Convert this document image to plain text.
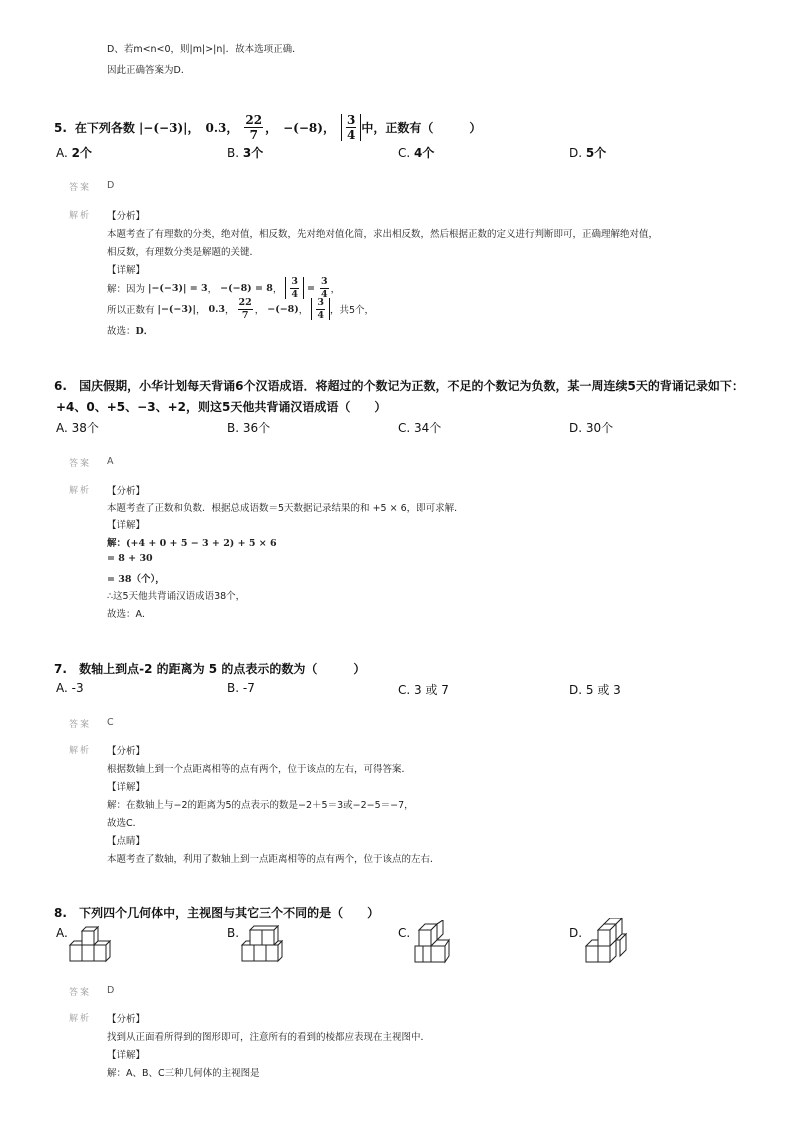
D、若m<n<0，则|m|>|n|．故本选项正确．
因此正确答案为D．
5. 在下列各数 |−(−3)| ， 0.3 ， $\frac{22}{7}$ ， −(−8) ， $\frac{3}{4}$ 中，正数有（　　　）
A. 2个	B. 3个	C. 4个	D. 5个
答案 D
解析 【分析】
本题考查了有理数的分类，绝对值，相反数，先对绝对值化简，求出相反数，然后根据正数的定义进行判断即可，正确理解绝对值，
相反数，有理数分类是解题的关键．
【详解】
解：因为 |−(−3)| = 3 ， −(−8) = 8 ， $\frac{3}{4} = \frac{3}{4}$ ，
所以正数有 |−(−3)| ， 0.3 ， $\frac{22}{7}$ ， −(−8) ， $\frac{3}{4}$ ，共5个，
故选：D．
6. 国庆假期，小华计划每天背诵6个汉语成语．将超过的个数记为正数，不足的个数记为负数，某一周连续5天的背诵记录如下：
+4、0、+5、−3、+2，则这5天他共背诵汉语成语（　　）
A. 38个	B. 36个	C. 34个	D. 30个
答案 A
解析 【分析】
本题考查了正数和负数．根据总成语数＝5天数据记录结果的和 +5 × 6，即可求解．
【详解】
解：(+4 + 0 + 5 − 3 + 2) + 5 × 6
= 8 + 30
= 38（个），
∴这5天他共背诵汉语成语38个，
故选：A．
7. 数轴上到点-2 的距离为 5 的点表示的数为（　　　）
A. -3	B. -7	C. 3 或 7	D. 5 或 3
答案 C
解析 【分析】
根据数轴上到一个点距离相等的点有两个，位于该点的左右，可得答案．
【详解】
解：在数轴上与−2的距离为5的点表示的数是−2＋5＝3或−2−5＝−7，
故选C．
【点睛】
本题考查了数轴，利用了数轴上到一点距离相等的点有两个，位于该点的左右．
8. 下列四个几何体中，主视图与其它三个不同的是（　　）
A.	B.	C.	D.
答案 D
解析 【分析】
找到从正面看所得到的图形即可，注意所有的看到的棱都应表现在主视图中．
【详解】
解：A、B、C三种几何体的主视图是
